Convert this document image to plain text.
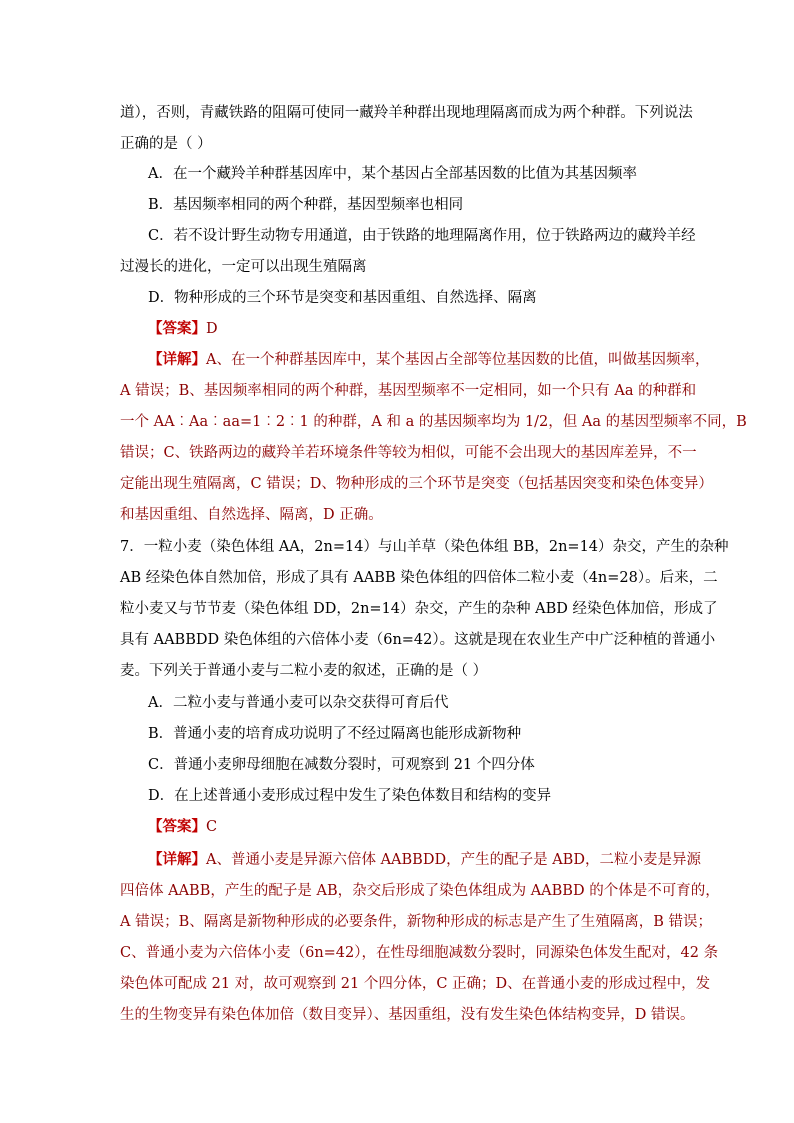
道），否则，青藏铁路的阻隔可使同一藏羚羊种群出现地理隔离而成为两个种群。下列说法
正确的是（ ）
A．在一个藏羚羊种群基因库中，某个基因占全部基因数的比值为其基因频率
B．基因频率相同的两个种群，基因型频率也相同
C．若不设计野生动物专用通道，由于铁路的地理隔离作用，位于铁路两边的藏羚羊经
过漫长的进化，一定可以出现生殖隔离
D．物种形成的三个环节是突变和基因重组、自然选择、隔离
【答案】D
【详解】A、在一个种群基因库中，某个基因占全部等位基因数的比值，叫做基因频率，
A 错误；B、基因频率相同的两个种群，基因型频率不一定相同，如一个只有 Aa 的种群和
一个 AA︰Aa︰aa=1︰2︰1 的种群，A 和 a 的基因频率均为 1/2，但 Aa 的基因型频率不同，B
错误；C、铁路两边的藏羚羊若环境条件等较为相似，可能不会出现大的基因库差异，不一
定能出现生殖隔离，C 错误；D、物种形成的三个环节是突变（包括基因突变和染色体变异）
和基因重组、自然选择、隔离，D 正确。
7．一粒小麦（染色体组 AA，2n=14）与山羊草（染色体组 BB，2n=14）杂交，产生的杂种
AB 经染色体自然加倍，形成了具有 AABB 染色体组的四倍体二粒小麦（4n=28）。后来，二
粒小麦又与节节麦（染色体组 DD，2n=14）杂交，产生的杂种 ABD 经染色体加倍，形成了
具有 AABBDD 染色体组的六倍体小麦（6n=42）。这就是现在农业生产中广泛种植的普通小
麦。下列关于普通小麦与二粒小麦的叙述，正确的是（ ）
A．二粒小麦与普通小麦可以杂交获得可育后代
B．普通小麦的培育成功说明了不经过隔离也能形成新物种
C．普通小麦卵母细胞在减数分裂时，可观察到 21 个四分体
D．在上述普通小麦形成过程中发生了染色体数目和结构的变异
【答案】C
【详解】A、普通小麦是异源六倍体 AABBDD，产生的配子是 ABD，二粒小麦是异源
四倍体 AABB，产生的配子是 AB，杂交后形成了染色体组成为 AABBD 的个体是不可育的，
A 错误；B、隔离是新物种形成的必要条件，新物种形成的标志是产生了生殖隔离，B 错误；
C、普通小麦为六倍体小麦（6n=42），在性母细胞减数分裂时，同源染色体发生配对，42 条
染色体可配成 21 对，故可观察到 21 个四分体，C 正确；D、在普通小麦的形成过程中，发
生的生物变异有染色体加倍（数目变异）、基因重组，没有发生染色体结构变异，D 错误。
